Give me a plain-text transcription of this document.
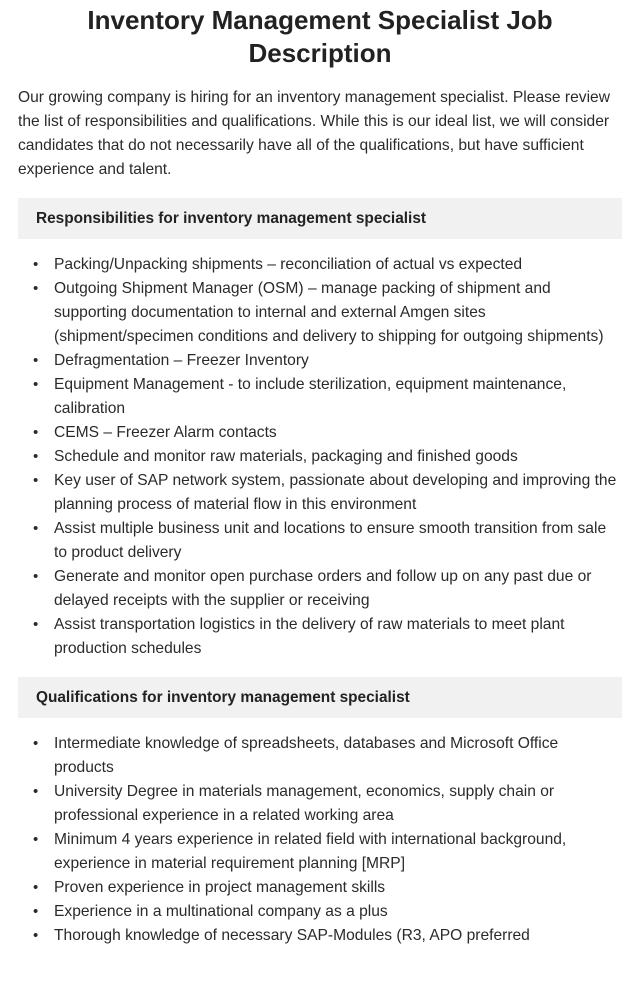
Inventory Management Specialist Job Description
Our growing company is hiring for an inventory management specialist. Please review the list of responsibilities and qualifications. While this is our ideal list, we will consider candidates that do not necessarily have all of the qualifications, but have sufficient experience and talent.
Responsibilities for inventory management specialist
• Packing/Unpacking shipments – reconciliation of actual vs expected
• Outgoing Shipment Manager (OSM) – manage packing of shipment and supporting documentation to internal and external Amgen sites (shipment/specimen conditions and delivery to shipping for outgoing shipments)
• Defragmentation – Freezer Inventory
• Equipment Management - to include sterilization, equipment maintenance, calibration
• CEMS – Freezer Alarm contacts
• Schedule and monitor raw materials, packaging and finished goods
• Key user of SAP network system, passionate about developing and improving the planning process of material flow in this environment
• Assist multiple business unit and locations to ensure smooth transition from sale to product delivery
• Generate and monitor open purchase orders and follow up on any past due or delayed receipts with the supplier or receiving
• Assist transportation logistics in the delivery of raw materials to meet plant production schedules
Qualifications for inventory management specialist
• Intermediate knowledge of spreadsheets, databases and Microsoft Office products
• University Degree in materials management, economics, supply chain or professional experience in a related working area
• Minimum 4 years experience in related field with international background, experience in material requirement planning [MRP]
• Proven experience in project management skills
• Experience in a multinational company as a plus
• Thorough knowledge of necessary SAP-Modules (R3, APO preferred
